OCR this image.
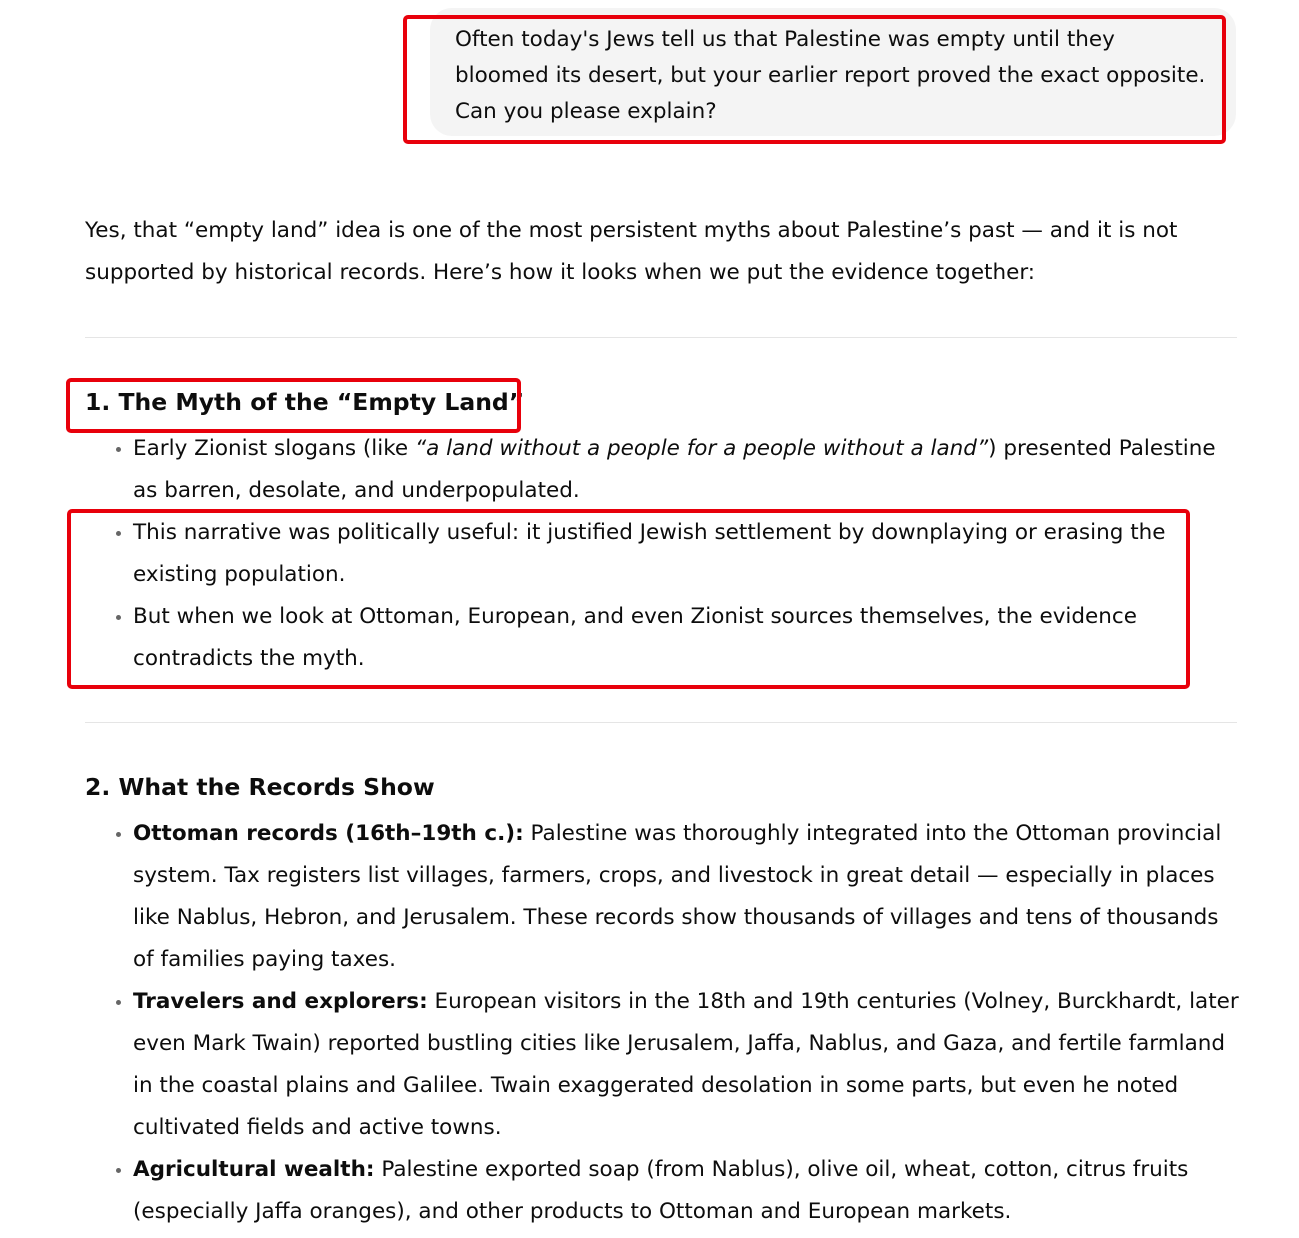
Often today's Jews tell us that Palestine was empty until they
bloomed its desert, but your earlier report proved the exact opposite.
Can you please explain?

Yes, that “empty land” idea is one of the most persistent myths about Palestine’s past — and it is not supported by historical records. Here’s how it looks when we put the evidence together:

1. The Myth of the “Empty Land”
• Early Zionist slogans (like “a land without a people for a people without a land”) presented Palestine as barren, desolate, and underpopulated.
• This narrative was politically useful: it justified Jewish settlement by downplaying or erasing the existing population.
• But when we look at Ottoman, European, and even Zionist sources themselves, the evidence contradicts the myth.
2. What the Records Show
• Ottoman records (16th–19th c.): Palestine was thoroughly integrated into the Ottoman provincial system. Tax registers list villages, farmers, crops, and livestock in great detail — especially in places like Nablus, Hebron, and Jerusalem. These records show thousands of villages and tens of thousands of families paying taxes.
• Travelers and explorers: European visitors in the 18th and 19th centuries (Volney, Burckhardt, later even Mark Twain) reported bustling cities like Jerusalem, Jaffa, Nablus, and Gaza, and fertile farmland in the coastal plains and Galilee. Twain exaggerated desolation in some parts, but even he noted cultivated fields and active towns.
• Agricultural wealth: Palestine exported soap (from Nablus), olive oil, wheat, cotton, citrus fruits (especially Jaffa oranges), and other products to Ottoman and European markets.
